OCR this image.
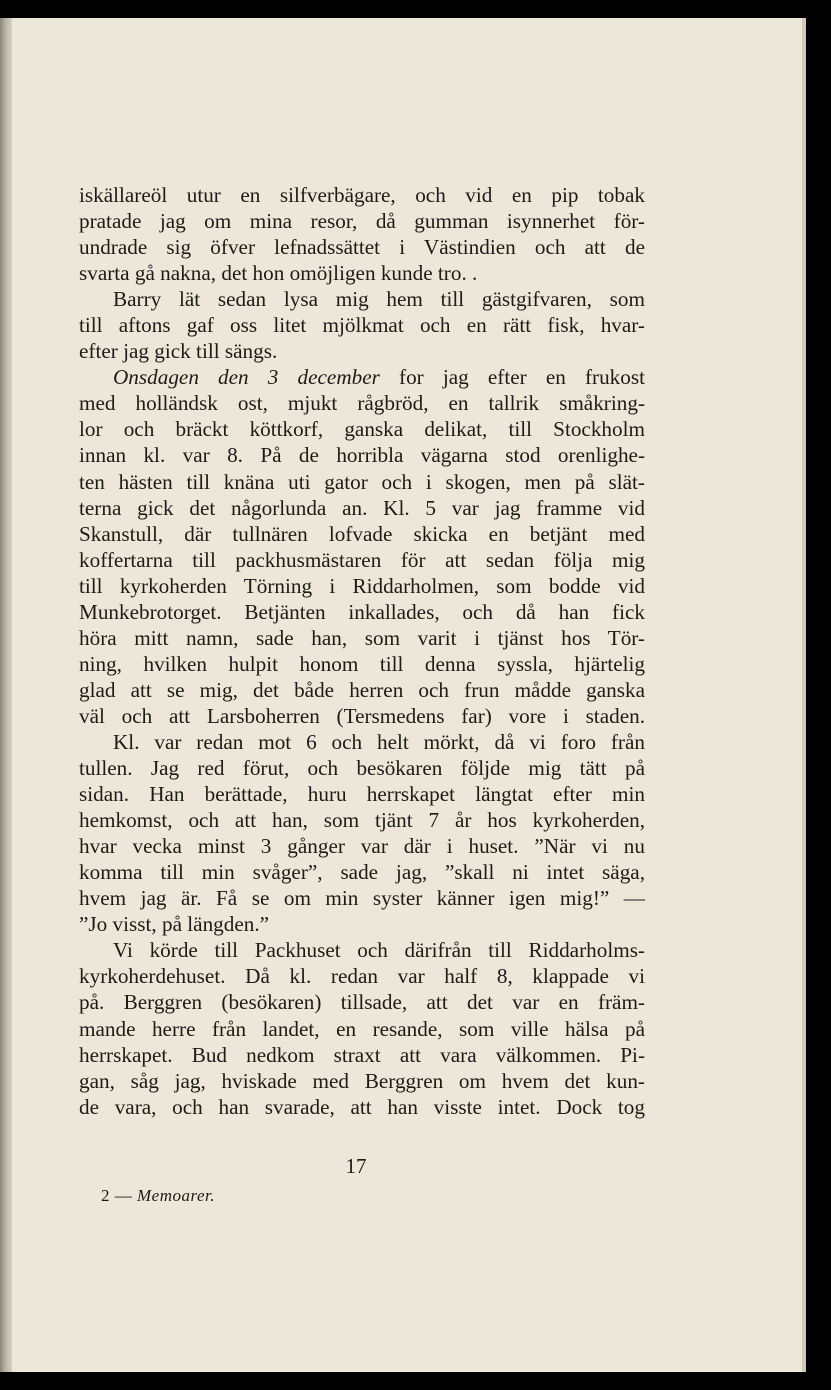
iskällareöl utur en silfverbägare, och vid en pip tobak
pratade jag om mina resor, då gumman isynnerhet för-
undrade sig öfver lefnadssättet i Västindien och att de
svarta gå nakna, det hon omöjligen kunde tro. .
Barry lät sedan lysa mig hem till gästgifvaren, som
till aftons gaf oss litet mjölkmat och en rätt fisk, hvar-
efter jag gick till sängs.
Onsdagen den 3 december for jag efter en frukost
med holländsk ost, mjukt rågbröd, en tallrik småkring-
lor och bräckt köttkorf, ganska delikat, till Stockholm
innan kl. var 8. På de horribla vägarna stod orenlighe-
ten hästen till knäna uti gator och i skogen, men på slät-
terna gick det någorlunda an. Kl. 5 var jag framme vid
Skanstull, där tullnären lofvade skicka en betjänt med
koffertarna till packhusmästaren för att sedan följa mig
till kyrkoherden Törning i Riddarholmen, som bodde vid
Munkebrotorget. Betjänten inkallades, och då han fick
höra mitt namn, sade han, som varit i tjänst hos Tör-
ning, hvilken hulpit honom till denna syssla, hjärtelig
glad att se mig, det både herren och frun mådde ganska
väl och att Larsboherren (Tersmedens far) vore i staden.
Kl. var redan mot 6 och helt mörkt, då vi foro från
tullen. Jag red förut, och besökaren följde mig tätt på
sidan. Han berättade, huru herrskapet längtat efter min
hemkomst, och att han, som tjänt 7 år hos kyrkoherden,
hvar vecka minst 3 gånger var där i huset. ”När vi nu
komma till min svåger”, sade jag, ”skall ni intet säga,
hvem jag är. Få se om min syster känner igen mig!” —
”Jo visst, på längden.”
Vi körde till Packhuset och därifrån till Riddarholms-
kyrkoherdehuset. Då kl. redan var half 8, klappade vi
på. Berggren (besökaren) tillsade, att det var en främ-
mande herre från landet, en resande, som ville hälsa på
herrskapet. Bud nedkom straxt att vara välkommen. Pi-
gan, såg jag, hviskade med Berggren om hvem det kun-
de vara, och han svarade, att han visste intet. Dock tog
17
2 — Memoarer.
